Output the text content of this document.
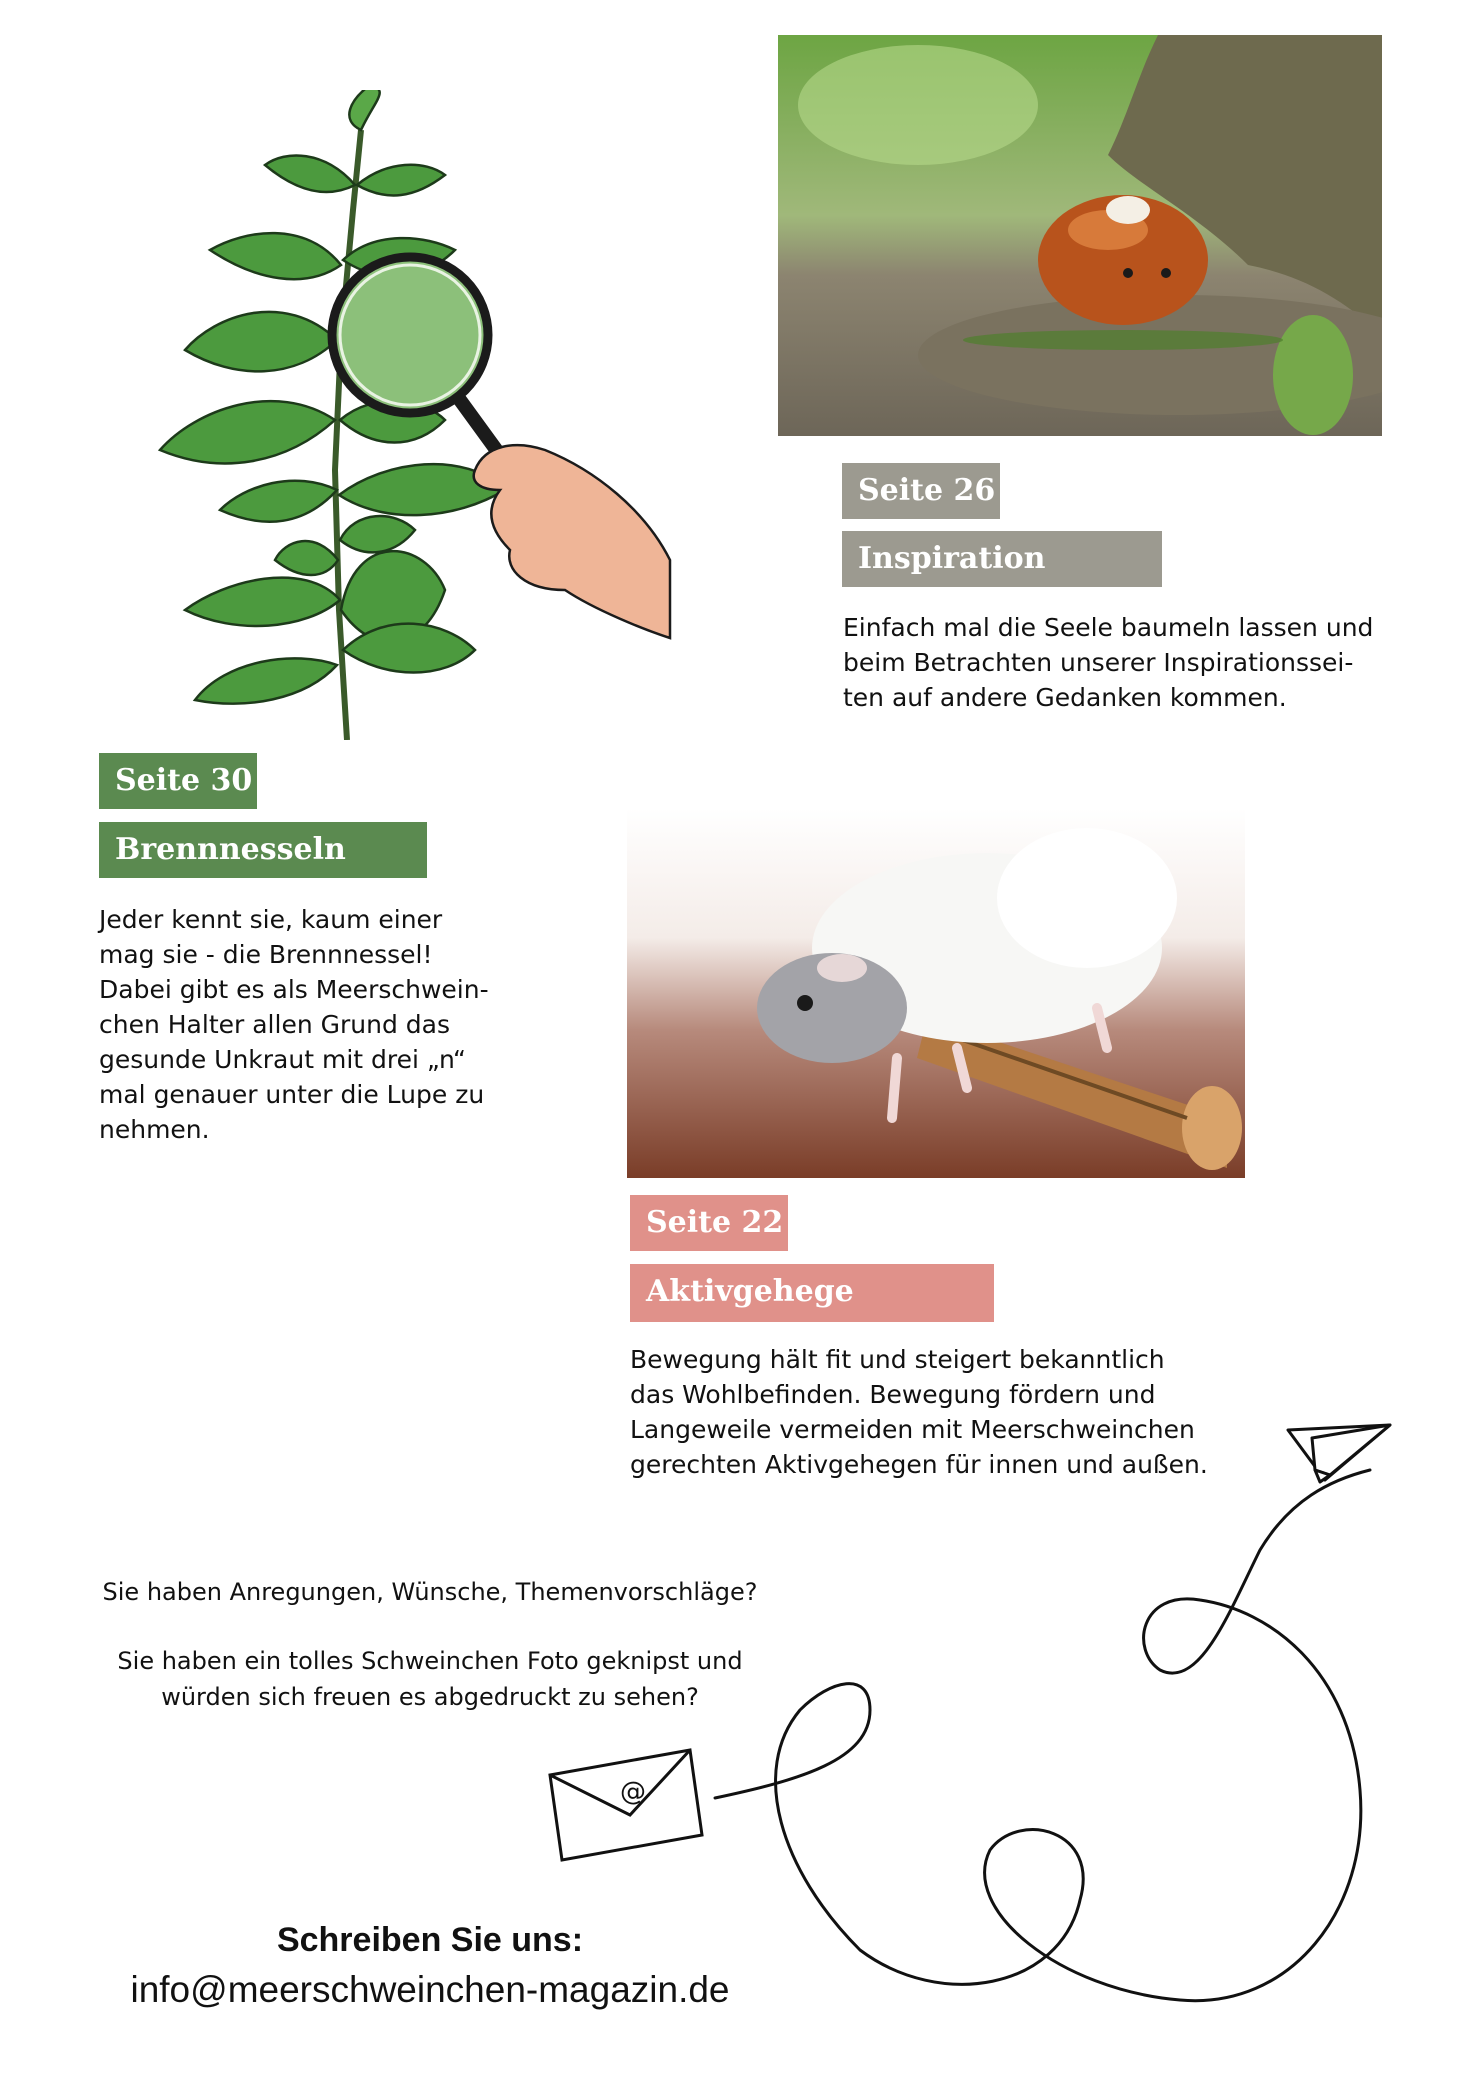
Seite 26
Inspiration

Einfach mal die Seele baumeln lassen und
beim Betrachten unserer Inspirationssei-
ten auf andere Gedanken kommen.

Seite 30
Brennnesseln

Jeder kennt sie, kaum einer
mag sie - die Brennnessel!
Dabei gibt es als Meerschwein-
chen Halter allen Grund das
gesunde Unkraut mit drei „n“
mal genauer unter die Lupe zu
nehmen.

Seite 22
Aktivgehege

Bewegung hält fit und steigert bekanntlich
das Wohlbefinden. Bewegung fördern und
Langeweile vermeiden mit Meerschweinchen
gerechten Aktivgehegen für innen und außen.

Sie haben Anregungen, Wünsche, Themenvorschläge?
Sie haben ein tolles Schweinchen Foto geknipst und
würden sich freuen es abgedruckt zu sehen?
@
Schreiben Sie uns:
info@meerschweinchen-magazin.de
